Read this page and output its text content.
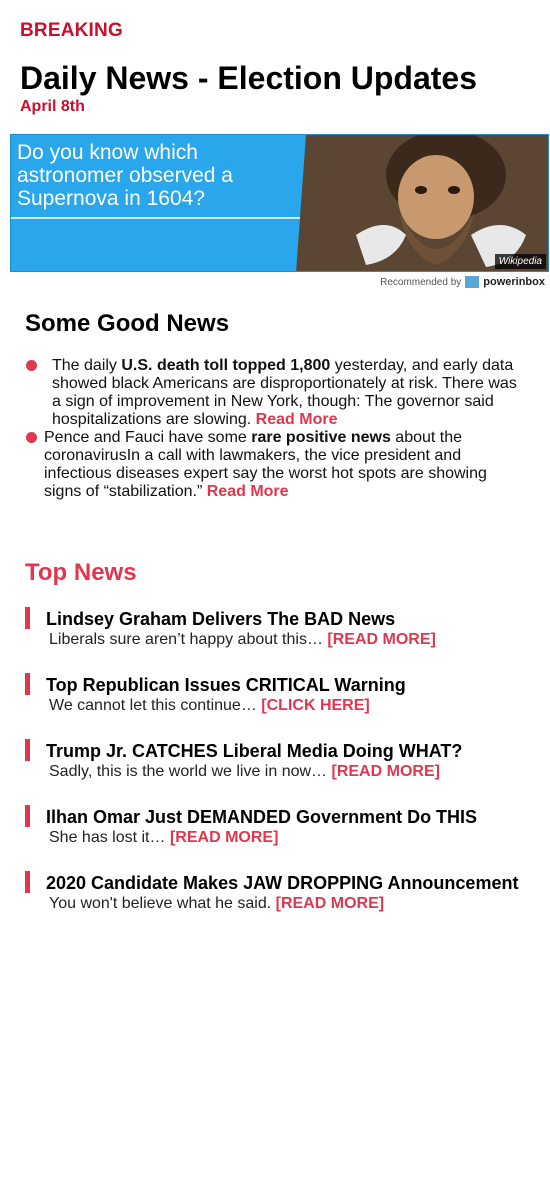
BREAKING
Daily News - Election Updates
April 8th
Do you know which astronomer observed a Supernova in 1604?
Wikipedia
Recommended by powerinbox
Some Good News
The daily U.S. death toll topped 1,800 yesterday, and early data showed black Americans are disproportionately at risk. There was a sign of improvement in New York, though: The governor said hospitalizations are slowing. Read More
Pence and Fauci have some rare positive news about the coronavirusIn a call with lawmakers, the vice president and infectious diseases expert say the worst hot spots are showing signs of “stabilization.” Read More
Top News
Lindsey Graham Delivers The BAD News
Liberals sure aren’t happy about this… [READ MORE]
Top Republican Issues CRITICAL Warning
We cannot let this continue… [CLICK HERE]
Trump Jr. CATCHES Liberal Media Doing WHAT?
Sadly, this is the world we live in now… [READ MORE]
Ilhan Omar Just DEMANDED Government Do THIS
She has lost it… [READ MORE]
2020 Candidate Makes JAW DROPPING Announcement
You won't believe what he said. [READ MORE]
